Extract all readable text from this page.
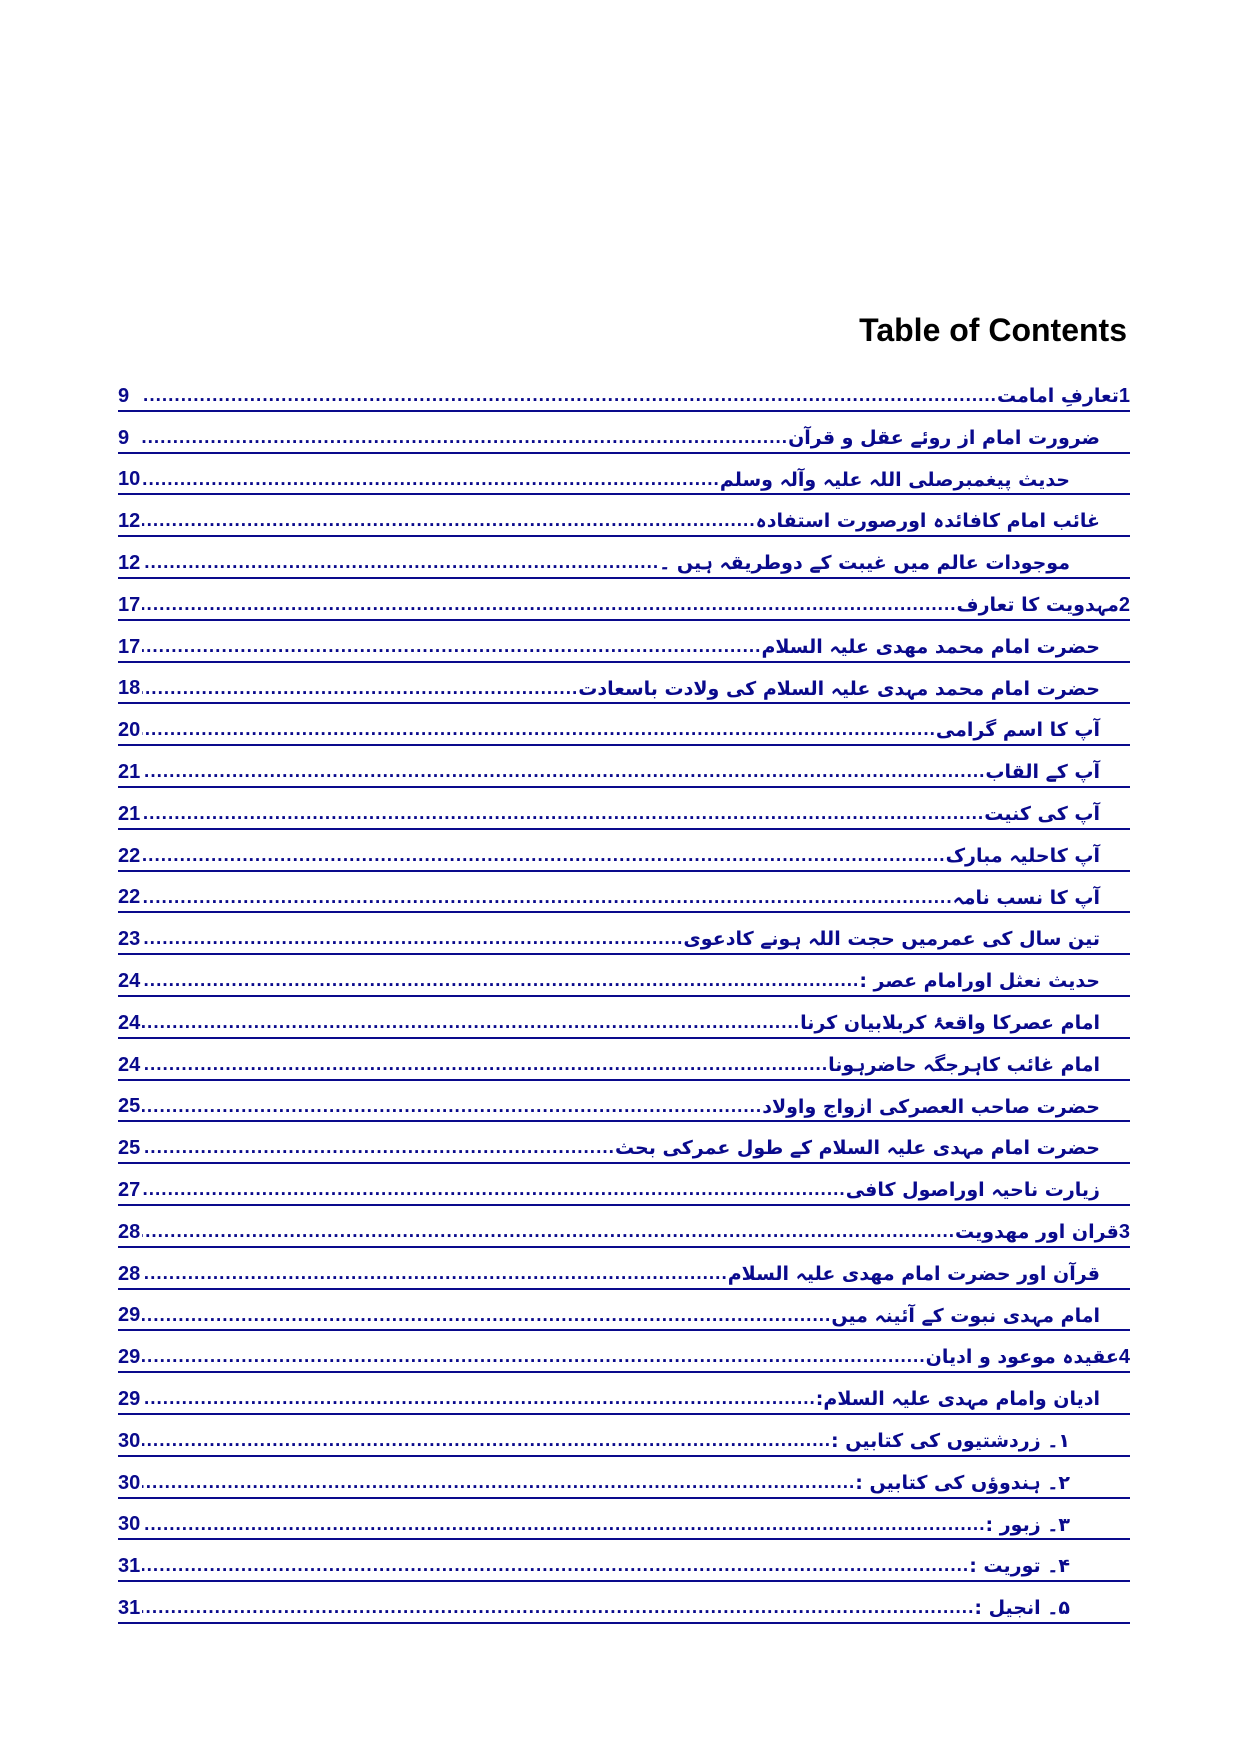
Table of Contents
1تعارفِ امامت
.....
9
ضرورت امام از روئے عقل و قرآن
.....
9
حدیث پیغمبرصلی اللہ علیہ وآلہ وسلم
.....
10
غائب امام کافائدہ اورصورت استفادہ
.....
12
موجودات عالم میں غیبت کے دوطریقہ ہیں ۔
.....
12
2مہدویت کا تعارف
.....
17
حضرت امام محمد مھدی علیہ السلام
.....
17
حضرت امام محمد مہدی علیہ السلام کی ولادت باسعادت
.....
18
آپ کا اسم گرامی
.....
20
آپ کے القاب
.....
21
آپ کی کنیت
.....
21
آپ کاحلیہ مبارک
.....
22
آپ کا نسب نامہ
.....
22
تین سال کی عمرمیں حجت اللہ ہونے کادعوی
.....
23
حدیث نعثل اورامام عصر :
.....
24
امام عصرکا واقعۂ کربلابیان کرنا
.....
24
امام غائب کاہرجگہ حاضرہونا
.....
24
حضرت صاحب العصرکی ازواج واولاد
.....
25
حضرت امام مہدی علیہ السلام کے طول عمرکی بحث
.....
25
زیارت ناحیہ اوراصول کافی
.....
27
3قران اور مھدویت
.....
28
قرآن اور حضرت امام مھدی علیہ السلام
.....
28
امام مہدی نبوت کے آئینہ میں
.....
29
4عقیدہ موعود و ادیان
.....
29
ادیان وامام مہدی علیہ السلام:
.....
29
۱۔ زردشتیوں کی کتابیں :
.....
30
۲۔ ہندوؤں کی کتابیں :
.....
30
۳۔ زبور :
.....
30
۴۔ توریت :
.....
31
۵۔ انجیل :
.....
31
